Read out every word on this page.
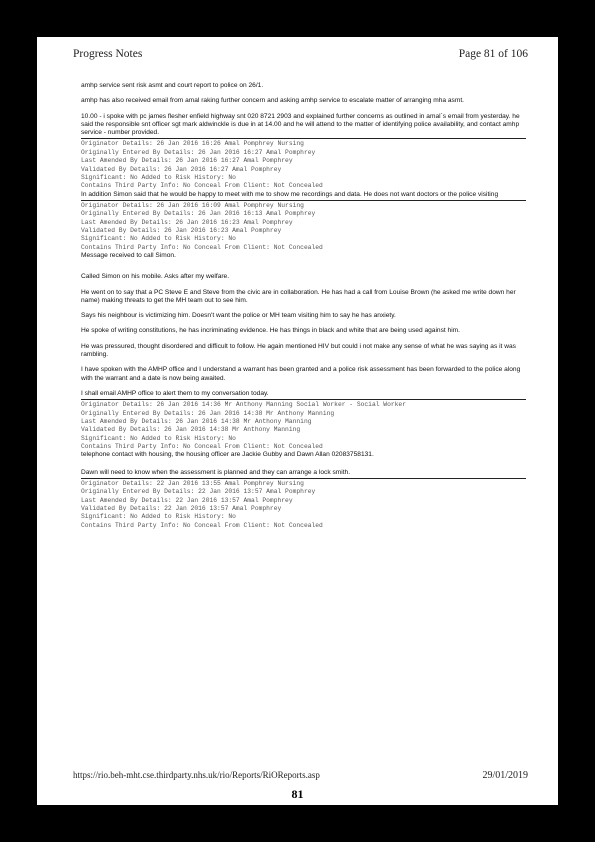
Progress Notes	Page 81 of 106

amhp service sent risk asmt and court report to police on 26/1.

amhp has also received email from amal raking further concern and asking amhp service to escalate matter of arranging mha asmt.

10.00 - i spoke with pc james flesher enfield highway snt 020 8721 2903 and explained further concerns as outlined in amal`s email from yesterday. he said the responsible snt officer sgt mark aldwinckle is due in at 14.00 and he will attend to the matter of identifying police availability, and contact amhp service - number provided.

Originator Details: 26 Jan 2016 16:26 Amal Pomphrey Nursing
Originally Entered By Details: 26 Jan 2016 16:27 Amal Pomphrey
Last Amended By Details: 26 Jan 2016 16:27 Amal Pomphrey
Validated By Details: 26 Jan 2016 16:27 Amal Pomphrey
Significant: No Added to Risk History: No
Contains Third Party Info: No Conceal From Client: Not Concealed

In addition Simon said that he would be happy to meet with me to show me recordings and data. He does not want doctors or the police visiting

Originator Details: 26 Jan 2016 16:09 Amal Pomphrey Nursing
Originally Entered By Details: 26 Jan 2016 16:13 Amal Pomphrey
Last Amended By Details: 26 Jan 2016 16:23 Amal Pomphrey
Validated By Details: 26 Jan 2016 16:23 Amal Pomphrey
Significant: No Added to Risk History: No
Contains Third Party Info: No Conceal From Client: Not Concealed

Message received to call Simon.

Called Simon on his mobile. Asks after my welfare.

He went on to say that a PC Steve E and Steve from the civic are in collaboration. He has had a call from Louise Brown (he asked me write down her name) making threats to get the MH team out to see him.

Says his neighbour is victimizing him. Doesn't want the police or MH team visiting him to say he has anxiety.

He spoke of writing constitutions, he has incriminating evidence. He has things in black and white that are being used against him.

He was pressured, thought disordered and difficult to follow. He again mentioned HIV but could i not make any sense of what he was saying as it was rambling.

I have spoken with the AMHP office and I understand a warrant has been granted and a police risk assessment has been forwarded to the police along with the warrant and a date is now being awaited.

I shall email AMHP office to alert them to my conversation today.

Originator Details: 26 Jan 2016 14:36 Mr Anthony Manning Social Worker - Social Worker
Originally Entered By Details: 26 Jan 2016 14:38 Mr Anthony Manning
Last Amended By Details: 26 Jan 2016 14:38 Mr Anthony Manning
Validated By Details: 26 Jan 2016 14:38 Mr Anthony Manning
Significant: No Added to Risk History: No
Contains Third Party Info: No Conceal From Client: Not Concealed

telephone contact with housing, the housing officer are Jackie Gubby and Dawn Allan 02083758131.

Dawn will need to know when the assessment is planned and they can arrange a lock smith.

Originator Details: 22 Jan 2016 13:55 Amal Pomphrey Nursing
Originally Entered By Details: 22 Jan 2016 13:57 Amal Pomphrey
Last Amended By Details: 22 Jan 2016 13:57 Amal Pomphrey
Validated By Details: 22 Jan 2016 13:57 Amal Pomphrey
Significant: No Added to Risk History: No
Contains Third Party Info: No Conceal From Client: Not Concealed
https://rio.beh-mht.cse.thirdparty.nhs.uk/rio/Reports/RiOReports.asp	29/01/2019
81
